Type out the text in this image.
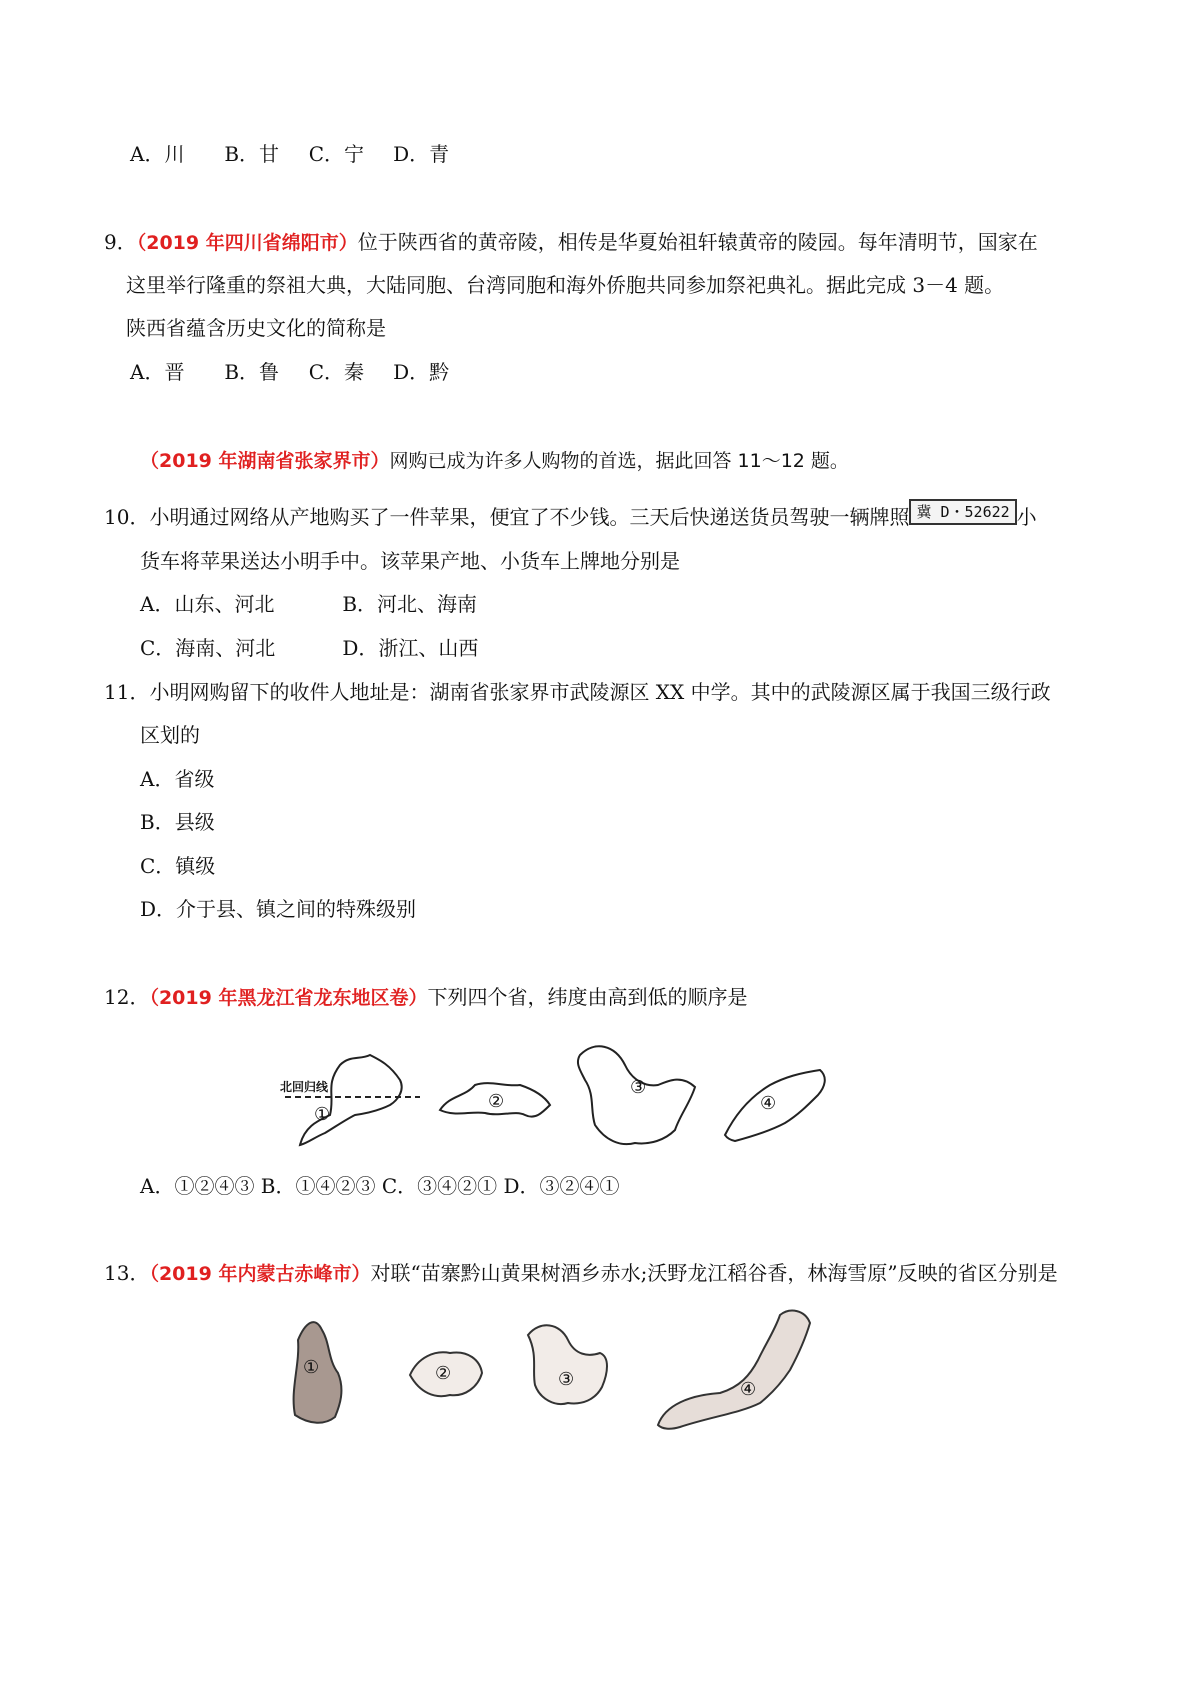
A．川 B．甘 C．宁 D．青
9．（2019 年四川省绵阳市）位于陕西省的黄帝陵，相传是华夏始祖轩辕黄帝的陵园。每年清明节，国家在
这里举行隆重的祭祖大典，大陆同胞、台湾同胞和海外侨胞共同参加祭祀典礼。据此完成 3－4 题。
陕西省蕴含历史文化的简称是
A．晋 B．鲁 C．秦 D．黔
（2019 年湖南省张家界市）网购已成为许多人购物的首选，据此回答 11～12 题。
10．小明通过网络从产地购买了一件苹果，便宜了不少钱。三天后快递送货员驾驶一辆牌照 冀 D・52622 小
货车将苹果送达小明手中。该苹果产地、小货车上牌地分别是
A．山东、河北	B．河北、海南
C．海南、河北	D．浙江、山西
11．小明网购留下的收件人地址是：湖南省张家界市武陵源区 XX 中学。其中的武陵源区属于我国三级行政
区划的
A．省级
B．县级
C．镇级
D．介于县、镇之间的特殊级别
12．（2019 年黑龙江省龙东地区卷）下列四个省，纬度由高到低的顺序是
北回归线
①
②
③
④
A．①②④③ B．①④②③ C．③④②① D．③②④①
13．（2019 年内蒙古赤峰市）对联“苗寨黔山黄果树酒乡赤水;沃野龙江稻谷香，林海雪原”反映的省区分别是
①	②	③	④
